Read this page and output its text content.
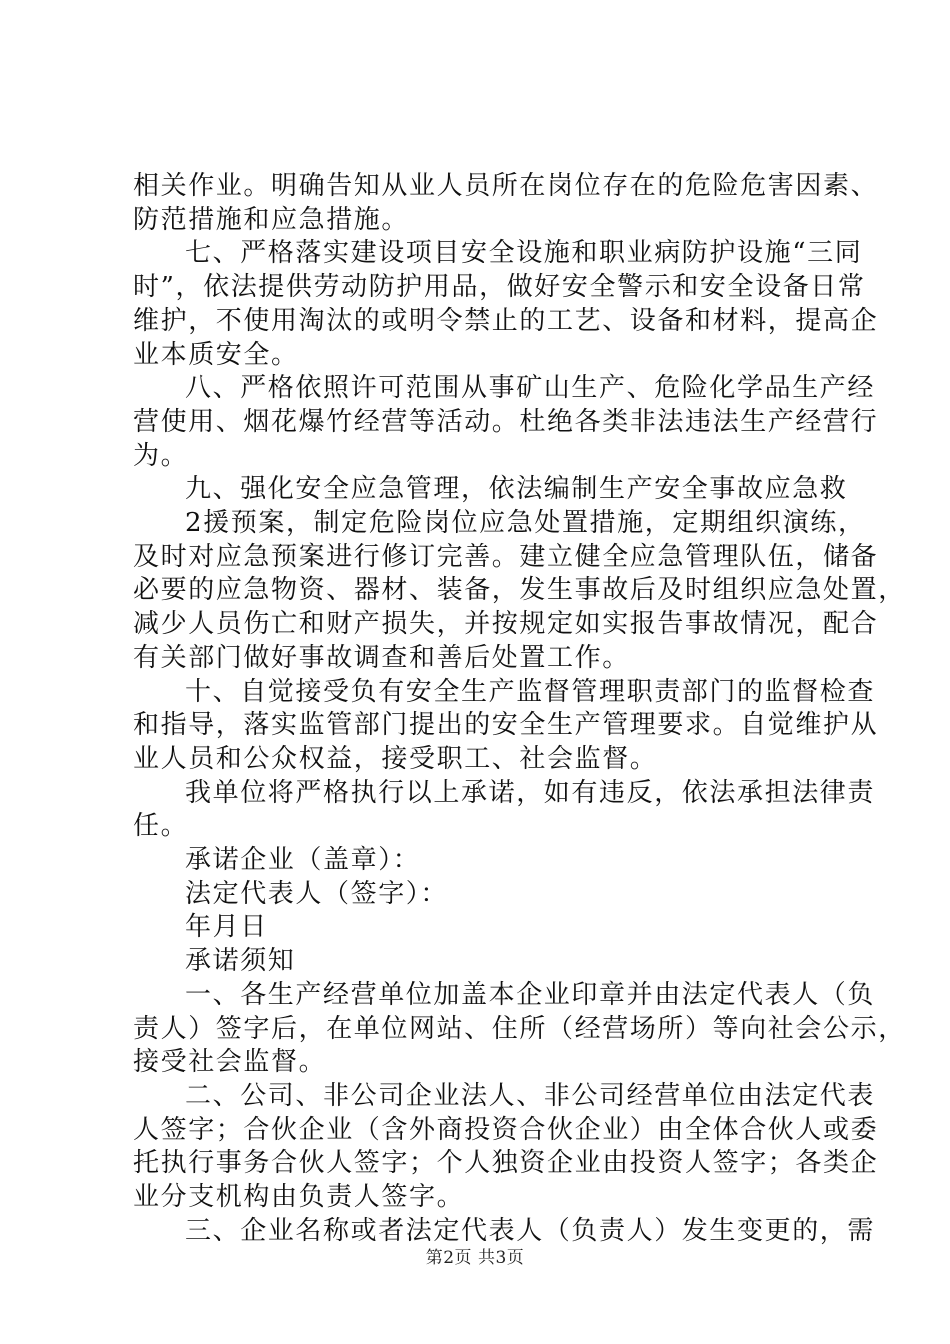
相关作业。明确告知从业人员所在岗位存在的危险危害因素、
防范措施和应急措施。
七、严格落实建设项目安全设施和职业病防护设施“三同
时”，依法提供劳动防护用品，做好安全警示和安全设备日常
维护，不使用淘汰的或明令禁止的工艺、设备和材料，提高企
业本质安全。
八、严格依照许可范围从事矿山生产、危险化学品生产经
营使用、烟花爆竹经营等活动。杜绝各类非法违法生产经营行
为。
九、强化安全应急管理，依法编制生产安全事故应急救
2援预案，制定危险岗位应急处置措施，定期组织演练，
及时对应急预案进行修订完善。建立健全应急管理队伍，储备
必要的应急物资、器材、装备，发生事故后及时组织应急处置，
减少人员伤亡和财产损失，并按规定如实报告事故情况，配合
有关部门做好事故调查和善后处置工作。
十、自觉接受负有安全生产监督管理职责部门的监督检查
和指导，落实监管部门提出的安全生产管理要求。自觉维护从
业人员和公众权益，接受职工、社会监督。
我单位将严格执行以上承诺，如有违反，依法承担法律责
任。
承诺企业（盖章）：
法定代表人（签字）：
年月日
承诺须知
一、各生产经营单位加盖本企业印章并由法定代表人（负
责人）签字后，在单位网站、住所（经营场所）等向社会公示，
接受社会监督。
二、公司、非公司企业法人、非公司经营单位由法定代表
人签字；合伙企业（含外商投资合伙企业）由全体合伙人或委
托执行事务合伙人签字；个人独资企业由投资人签字；各类企
业分支机构由负责人签字。
三、企业名称或者法定代表人（负责人）发生变更的，需
第2页 共3页
